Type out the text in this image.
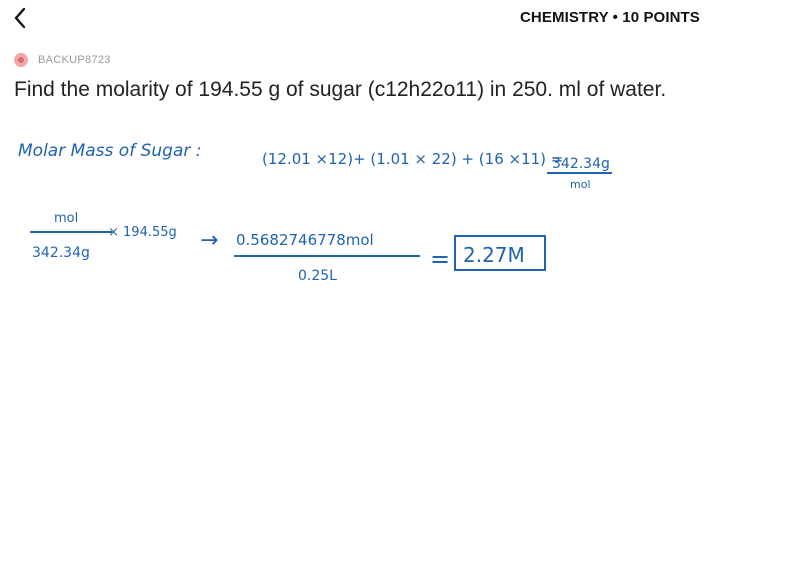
CHEMISTRY • 10 POINTS
BACKUP8723
Find the molarity of 194.55 g of sugar (c12h22o11) in 250. ml of water.
Molar Mass of Sugar :	(12.01 ×12)+ (1.01 × 22) + (16 ×11) =
342.34g
mol
mol
342.34g
× 194.55g → 0.5682746778mol
0.25L
= 2.27M
